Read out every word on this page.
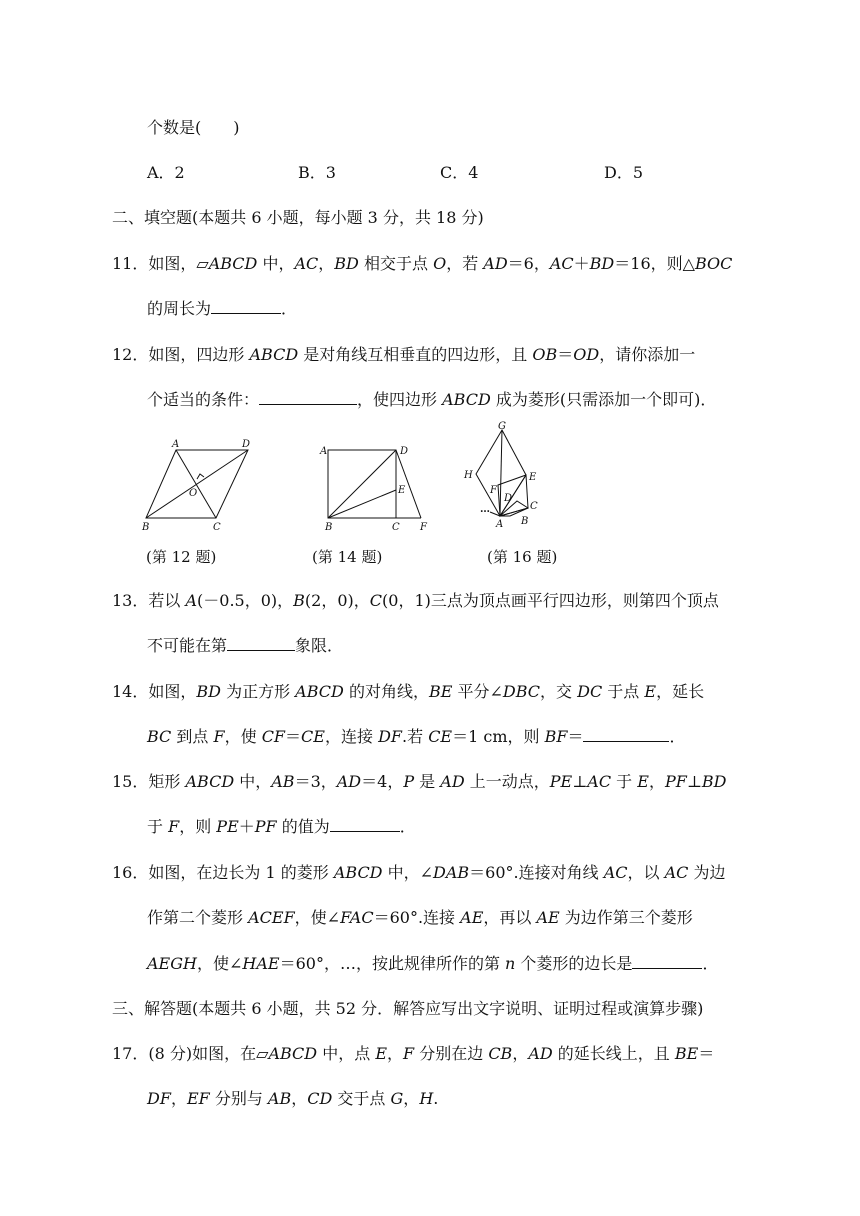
个数是(　　)
A．2	B．3	C．4	D．5
二、填空题(本题共 6 小题，每小题 3 分，共 18 分)
11．如图，▱ABCD 中，AC，BD 相交于点 O，若 AD＝6，AC＋BD＝16，则△BOC
的周长为	．
12．如图，四边形 ABCD 是对角线互相垂直的四边形，且 OB＝OD，请你添加一
个适当的条件：	，使四边形 ABCD 成为菱形(只需添加一个即可)．
A	D
O
B	C
(第 12 题)
A	D
E
B	C F
(第 14 题)
G
H	E
F
D
C
A B
…
(第 16 题)
13．若以 A(－0.5，0)，B(2，0)，C(0，1)三点为顶点画平行四边形，则第四个顶点
不可能在第	象限．
14．如图，BD 为正方形 ABCD 的对角线，BE 平分∠DBC，交 DC 于点 E，延长
BC 到点 F，使 CF＝CE，连接 DF.若 CE＝1 cm，则 BF＝	．
15．矩形 ABCD 中，AB＝3，AD＝4，P 是 AD 上一动点，PE⊥AC 于 E，PF⊥BD
于 F，则 PE＋PF 的值为	．
16．如图，在边长为 1 的菱形 ABCD 中，∠DAB＝60°.连接对角线 AC，以 AC 为边
作第二个菱形 ACEF，使∠FAC＝60°.连接 AE，再以 AE 为边作第三个菱形
AEGH，使∠HAE＝60°，…，按此规律所作的第 n 个菱形的边长是	．
三、解答题(本题共 6 小题，共 52 分．解答应写出文字说明、证明过程或演算步骤)
17．(8 分)如图，在▱ABCD 中，点 E，F 分别在边 CB，AD 的延长线上，且 BE＝
DF，EF 分别与 AB，CD 交于点 G，H.
